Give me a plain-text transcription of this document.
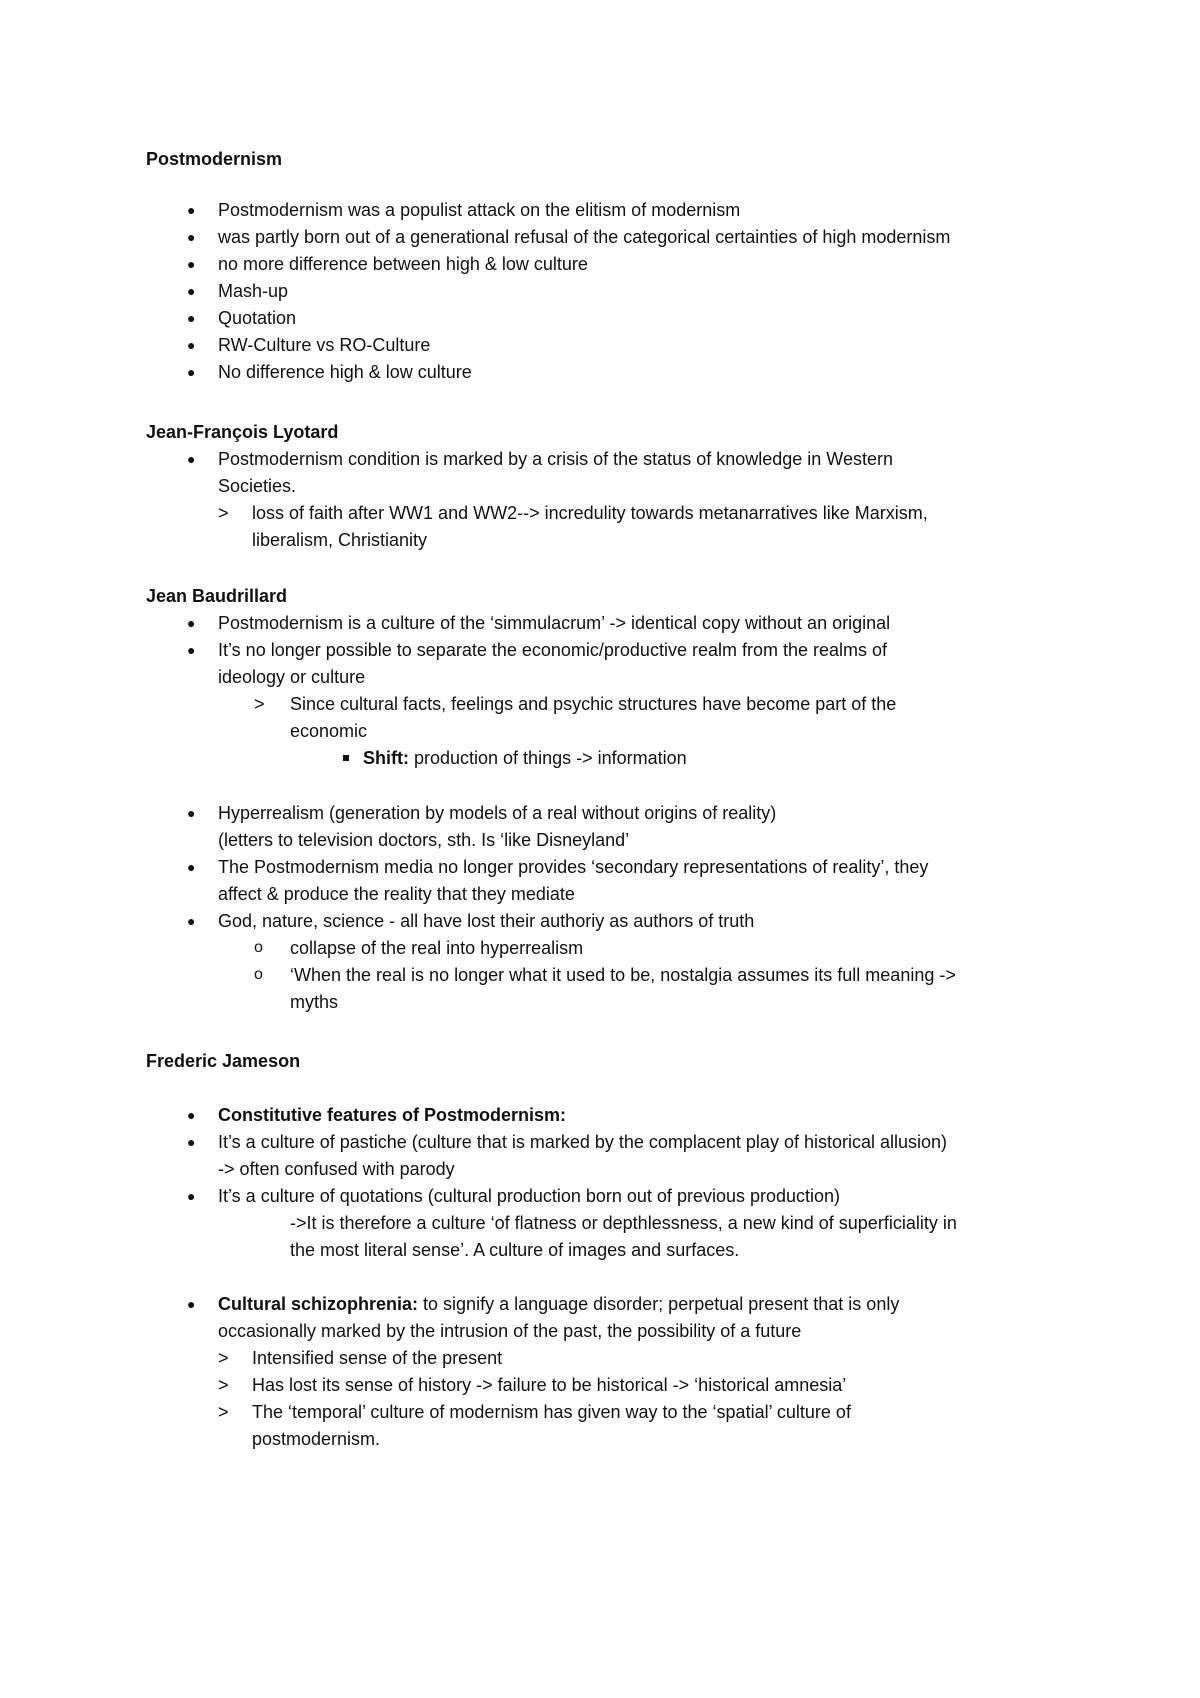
Postmodernism
● Postmodernism was a populist attack on the elitism of modernism
● was partly born out of a generational refusal of the categorical certainties of high modernism
● no more difference between high & low culture
● Mash-up
● Quotation
● RW-Culture vs RO-Culture
● No difference high & low culture
Jean-François Lyotard
● Postmodernism condition is marked by a crisis of the status of knowledge in Western
Societies.
> loss of faith after WW1 and WW2--> incredulity towards metanarratives like Marxism,
liberalism, Christianity
Jean Baudrillard
● Postmodernism is a culture of the ‘simmulacrum’ -> identical copy without an original
● It’s no longer possible to separate the economic/productive realm from the realms of
ideology or culture
> Since cultural facts, feelings and psychic structures have become part of the
economic
Shift: production of things -> information
● Hyperrealism (generation by models of a real without origins of reality)
(letters to television doctors, sth. Is ‘like Disneyland’
● The Postmodernism media no longer provides ‘secondary representations of reality’, they
affect & produce the reality that they mediate
● God, nature, science - all have lost their authoriy as authors of truth
o collapse of the real into hyperrealism
o ‘When the real is no longer what it used to be, nostalgia assumes its full meaning ->
myths
Frederic Jameson
● Constitutive features of Postmodernism:
● It’s a culture of pastiche (culture that is marked by the complacent play of historical allusion)
-> often confused with parody
● It’s a culture of quotations (cultural production born out of previous production)
->It is therefore a culture ‘of flatness or depthlessness, a new kind of superficiality in
the most literal sense’. A culture of images and surfaces.
● Cultural schizophrenia: to signify a language disorder; perpetual present that is only
occasionally marked by the intrusion of the past, the possibility of a future
> Intensified sense of the present
> Has lost its sense of history -> failure to be historical -> ‘historical amnesia’
> The ‘temporal’ culture of modernism has given way to the ‘spatial’ culture of
postmodernism.
